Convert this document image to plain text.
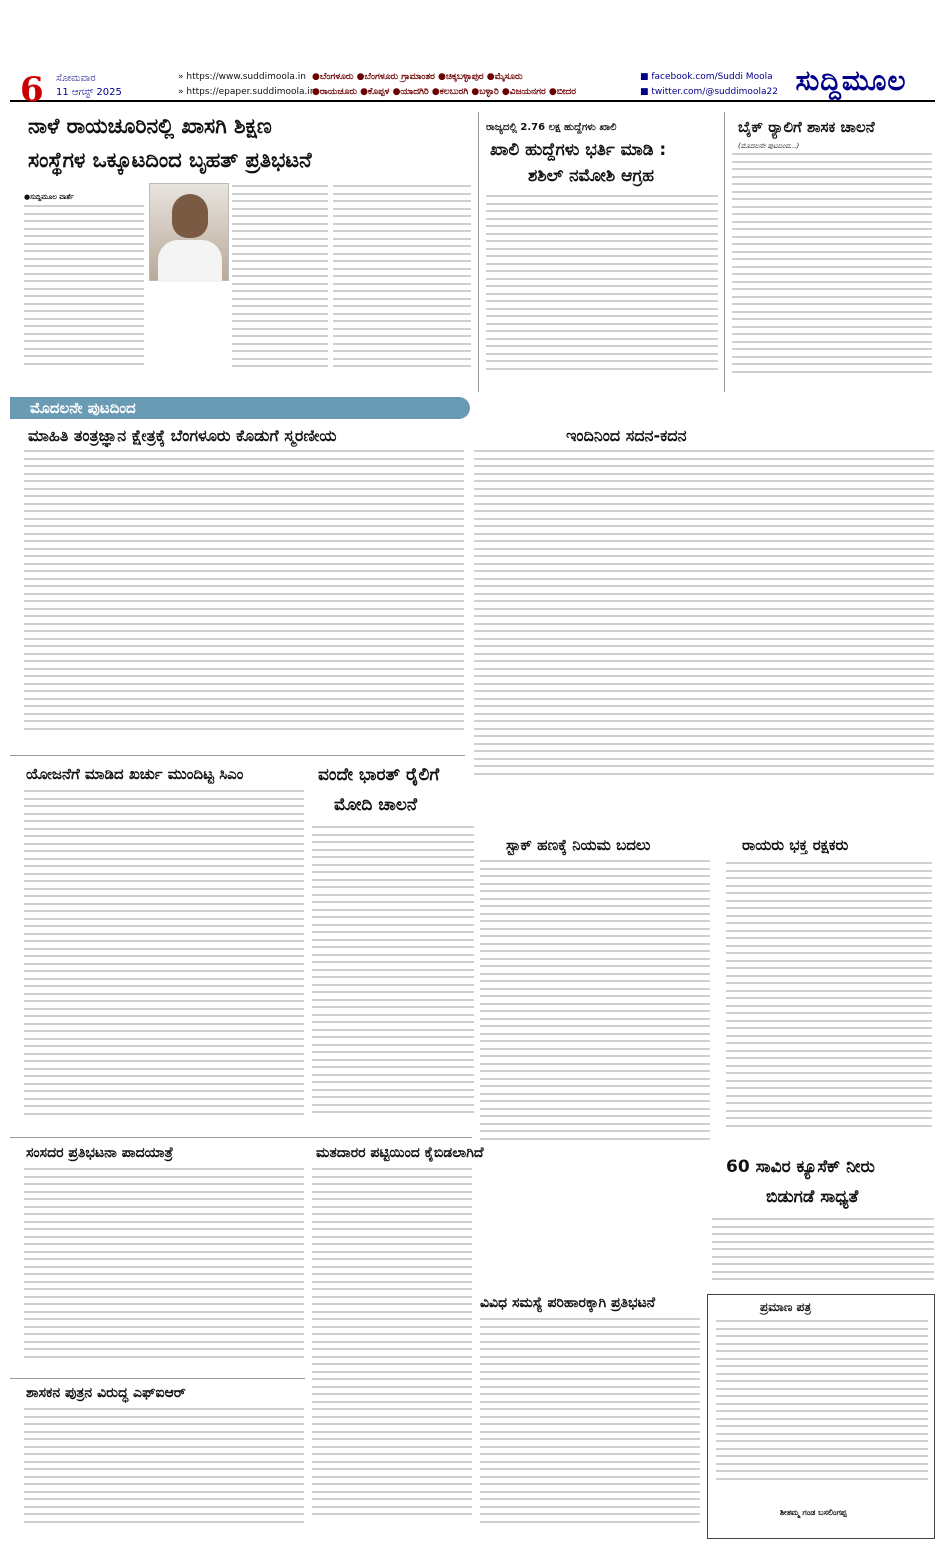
6 ಸೋಮವಾರ
11 ಆಗಸ್ಟ್ 2025
» https://www.suddimoola.in
» https://epaper.suddimoola.in
●ಬೆಂಗಳೂರು ●ಬೆಂಗಳೂರು ಗ್ರಾಮಾಂತರ ●ಚಿಕ್ಕಬಳ್ಳಾಪುರ ●ಮೈಸೂರು
●ರಾಯಚೂರು ●ಕೊಪ್ಪಳ ●ಯಾದಗಿರಿ ●ಕಲಬುರಗಿ ●ಬಳ್ಳಾರಿ ●ವಿಜಯನಗರ ●ಬೀದರ
■ facebook.com/Suddi Moola
■ twitter.com/@suddimoola22 ಸುದ್ದಿಮೂಲ
ನಾಳೆ ರಾಯಚೂರಿನಲ್ಲಿ ಖಾಸಗಿ ಶಿಕ್ಷಣ
ಸಂಸ್ಥೆಗಳ ಒಕ್ಕೂಟದಿಂದ ಬೃಹತ್ ಪ್ರತಿಭಟನೆ
●ಸುದ್ದಿಮೂಲ ವಾರ್ತೆ
ರಾಜ್ಯದಲ್ಲಿ 2.76 ಲಕ್ಷ ಹುದ್ದೆಗಳು ಖಾಲಿ
ಖಾಲಿ ಹುದ್ದೆಗಳು ಭರ್ತಿ ಮಾಡಿ :
ಶಶಿಲ್ ನಮೋಶಿ ಆಗ್ರಹ
ಬೈಕ್ ರ್‍ಯಾಲಿಗೆ ಶಾಸಕ ಚಾಲನೆ
(ಮೊದಲನೇ ಪುಟದಿಂದ...)
ಮೊದಲನೇ ಪುಟದಿಂದ
ಮಾಹಿತಿ ತಂತ್ರಜ್ಞಾನ ಕ್ಷೇತ್ರಕ್ಕೆ ಬೆಂಗಳೂರು ಕೊಡುಗೆ ಸ್ಮರಣೀಯ	ಇಂದಿನಿಂದ ಸದನ-ಕದನ
ಯೋಜನೆಗೆ ಮಾಡಿದ ಖರ್ಚು ಮುಂದಿಟ್ಟ ಸಿಎಂ	ವಂದೇ ಭಾರತ್ ರೈಲಿಗೆ
ಮೋದಿ ಚಾಲನೆ
ಸ್ಟಾಕ್ ಹಣಕ್ಕೆ ನಿಯಮ ಬದಲು	ರಾಯರು ಭಕ್ತ ರಕ್ಷಕರು
ಸಂಸದರ ಪ್ರತಿಭಟನಾ ಪಾದಯಾತ್ರೆ	ಮತದಾರರ ಪಟ್ಟಿಯಿಂದ ಕೈಬಿಡಲಾಗಿದೆ
ಶಾಸಕನ ಪುತ್ರನ ವಿರುದ್ಧ ಎಫ್‌ಐಆರ್
60 ಸಾವಿರ ಕ್ಯೂಸೆಕ್ ನೀರು
ಬಿಡುಗಡೆ ಸಾಧ್ಯತೆ
ವಿವಿಧ ಸಮಸ್ಯೆ ಪರಿಹಾರಕ್ಕಾಗಿ ಪ್ರತಿಭಟನೆ	ಪ್ರಮಾಣ ಪತ್ರ
ಶೀತಮ್ಮ ಗಂಡ ಬಸಲಿಂಗಪ್ಪ
